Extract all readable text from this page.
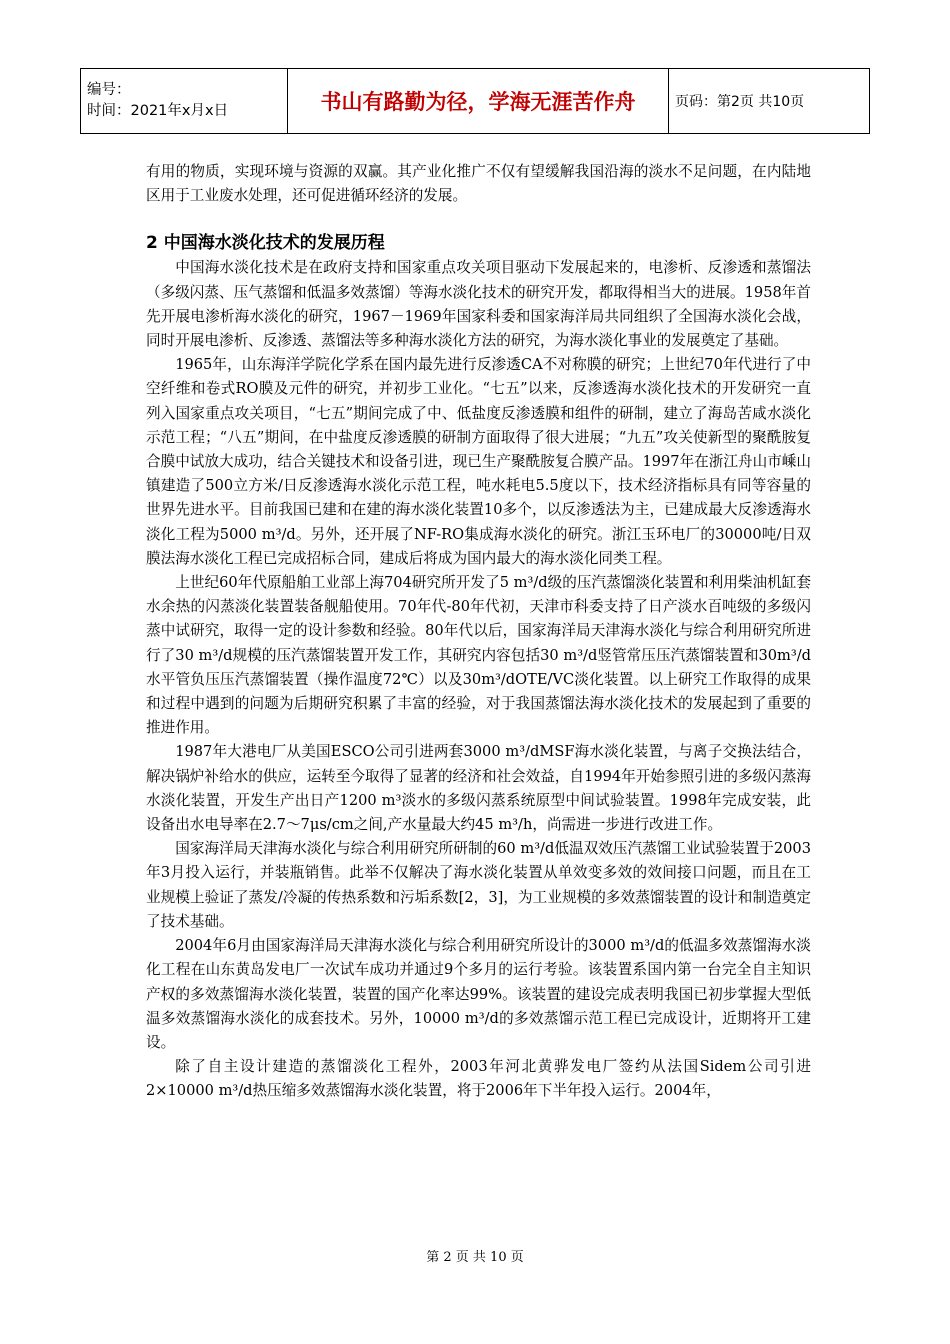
编号：
时间：2021年x月x日	书山有路勤为径，学海无涯苦作舟	页码：第2页 共10页

有用的物质，实现环境与资源的双赢。其产业化推广不仅有望缓解我国沿海的淡水不足问题，在内陆地区用于工业废水处理，还可促进循环经济的发展。

2 中国海水淡化技术的发展历程

中国海水淡化技术是在政府支持和国家重点攻关项目驱动下发展起来的，电渗析、反渗透和蒸馏法（多级闪蒸、压气蒸馏和低温多效蒸馏）等海水淡化技术的研究开发，都取得相当大的进展。1958年首先开展电渗析海水淡化的研究，1967－1969年国家科委和国家海洋局共同组织了全国海水淡化会战，同时开展电渗析、反渗透、蒸馏法等多种海水淡化方法的研究，为海水淡化事业的发展奠定了基础。

1965年，山东海洋学院化学系在国内最先进行反渗透CA不对称膜的研究；上世纪70年代进行了中空纤维和卷式RO膜及元件的研究，并初步工业化。“七五”以来，反渗透海水淡化技术的开发研究一直列入国家重点攻关项目，“七五”期间完成了中、低盐度反渗透膜和组件的研制，建立了海岛苦咸水淡化示范工程；“八五”期间，在中盐度反渗透膜的研制方面取得了很大进展；“九五”攻关使新型的聚酰胺复合膜中试放大成功，结合关键技术和设备引进，现已生产聚酰胺复合膜产品。1997年在浙江舟山市嵊山镇建造了500立方米/日反渗透海水淡化示范工程，吨水耗电5.5度以下，技术经济指标具有同等容量的世界先进水平。目前我国已建和在建的海水淡化装置10多个，以反渗透法为主，已建成最大反渗透海水淡化工程为5000 m³/d。另外，还开展了NF-RO集成海水淡化的研究。浙江玉环电厂的30000吨/日双膜法海水淡化工程已完成招标合同，建成后将成为国内最大的海水淡化同类工程。

上世纪60年代原船舶工业部上海704研究所开发了5 m³/d级的压汽蒸馏淡化装置和利用柴油机缸套水余热的闪蒸淡化装置装备舰船使用。70年代-80年代初，天津市科委支持了日产淡水百吨级的多级闪蒸中试研究，取得一定的设计参数和经验。80年代以后，国家海洋局天津海水淡化与综合利用研究所进行了30 m³/d规模的压汽蒸馏装置开发工作，其研究内容包括30 m³/d竖管常压压汽蒸馏装置和30m³/d水平管负压压汽蒸馏装置（操作温度72℃）以及30m³/dOTE/VC淡化装置。以上研究工作取得的成果和过程中遇到的问题为后期研究积累了丰富的经验，对于我国蒸馏法海水淡化技术的发展起到了重要的推进作用。

1987年大港电厂从美国ESCO公司引进两套3000 m³/dMSF海水淡化装置，与离子交换法结合，解决锅炉补给水的供应，运转至今取得了显著的经济和社会效益，自1994年开始参照引进的多级闪蒸海水淡化装置，开发生产出日产1200 m³淡水的多级闪蒸系统原型中间试验装置。1998年完成安装，此设备出水电导率在2.7～7μs/cm之间,产水量最大约45 m³/h，尚需进一步进行改进工作。

国家海洋局天津海水淡化与综合利用研究所研制的60 m³/d低温双效压汽蒸馏工业试验装置于2003年3月投入运行，并装瓶销售。此举不仅解决了海水淡化装置从单效变多效的效间接口问题，而且在工业规模上验证了蒸发/冷凝的传热系数和污垢系数[2，3]，为工业规模的多效蒸馏装置的设计和制造奠定了技术基础。

2004年6月由国家海洋局天津海水淡化与综合利用研究所设计的3000 m³/d的低温多效蒸馏海水淡化工程在山东黄岛发电厂一次试车成功并通过9个多月的运行考验。该装置系国内第一台完全自主知识产权的多效蒸馏海水淡化装置，装置的国产化率达99%。该装置的建设完成表明我国已初步掌握大型低温多效蒸馏海水淡化的成套技术。另外，10000 m³/d的多效蒸馏示范工程已完成设计，近期将开工建设。

除了自主设计建造的蒸馏淡化工程外，2003年河北黄骅发电厂签约从法国Sidem公司引进2×10000 m³/d热压缩多效蒸馏海水淡化装置，将于2006年下半年投入运行。2004年，

第 2 页 共 10 页
